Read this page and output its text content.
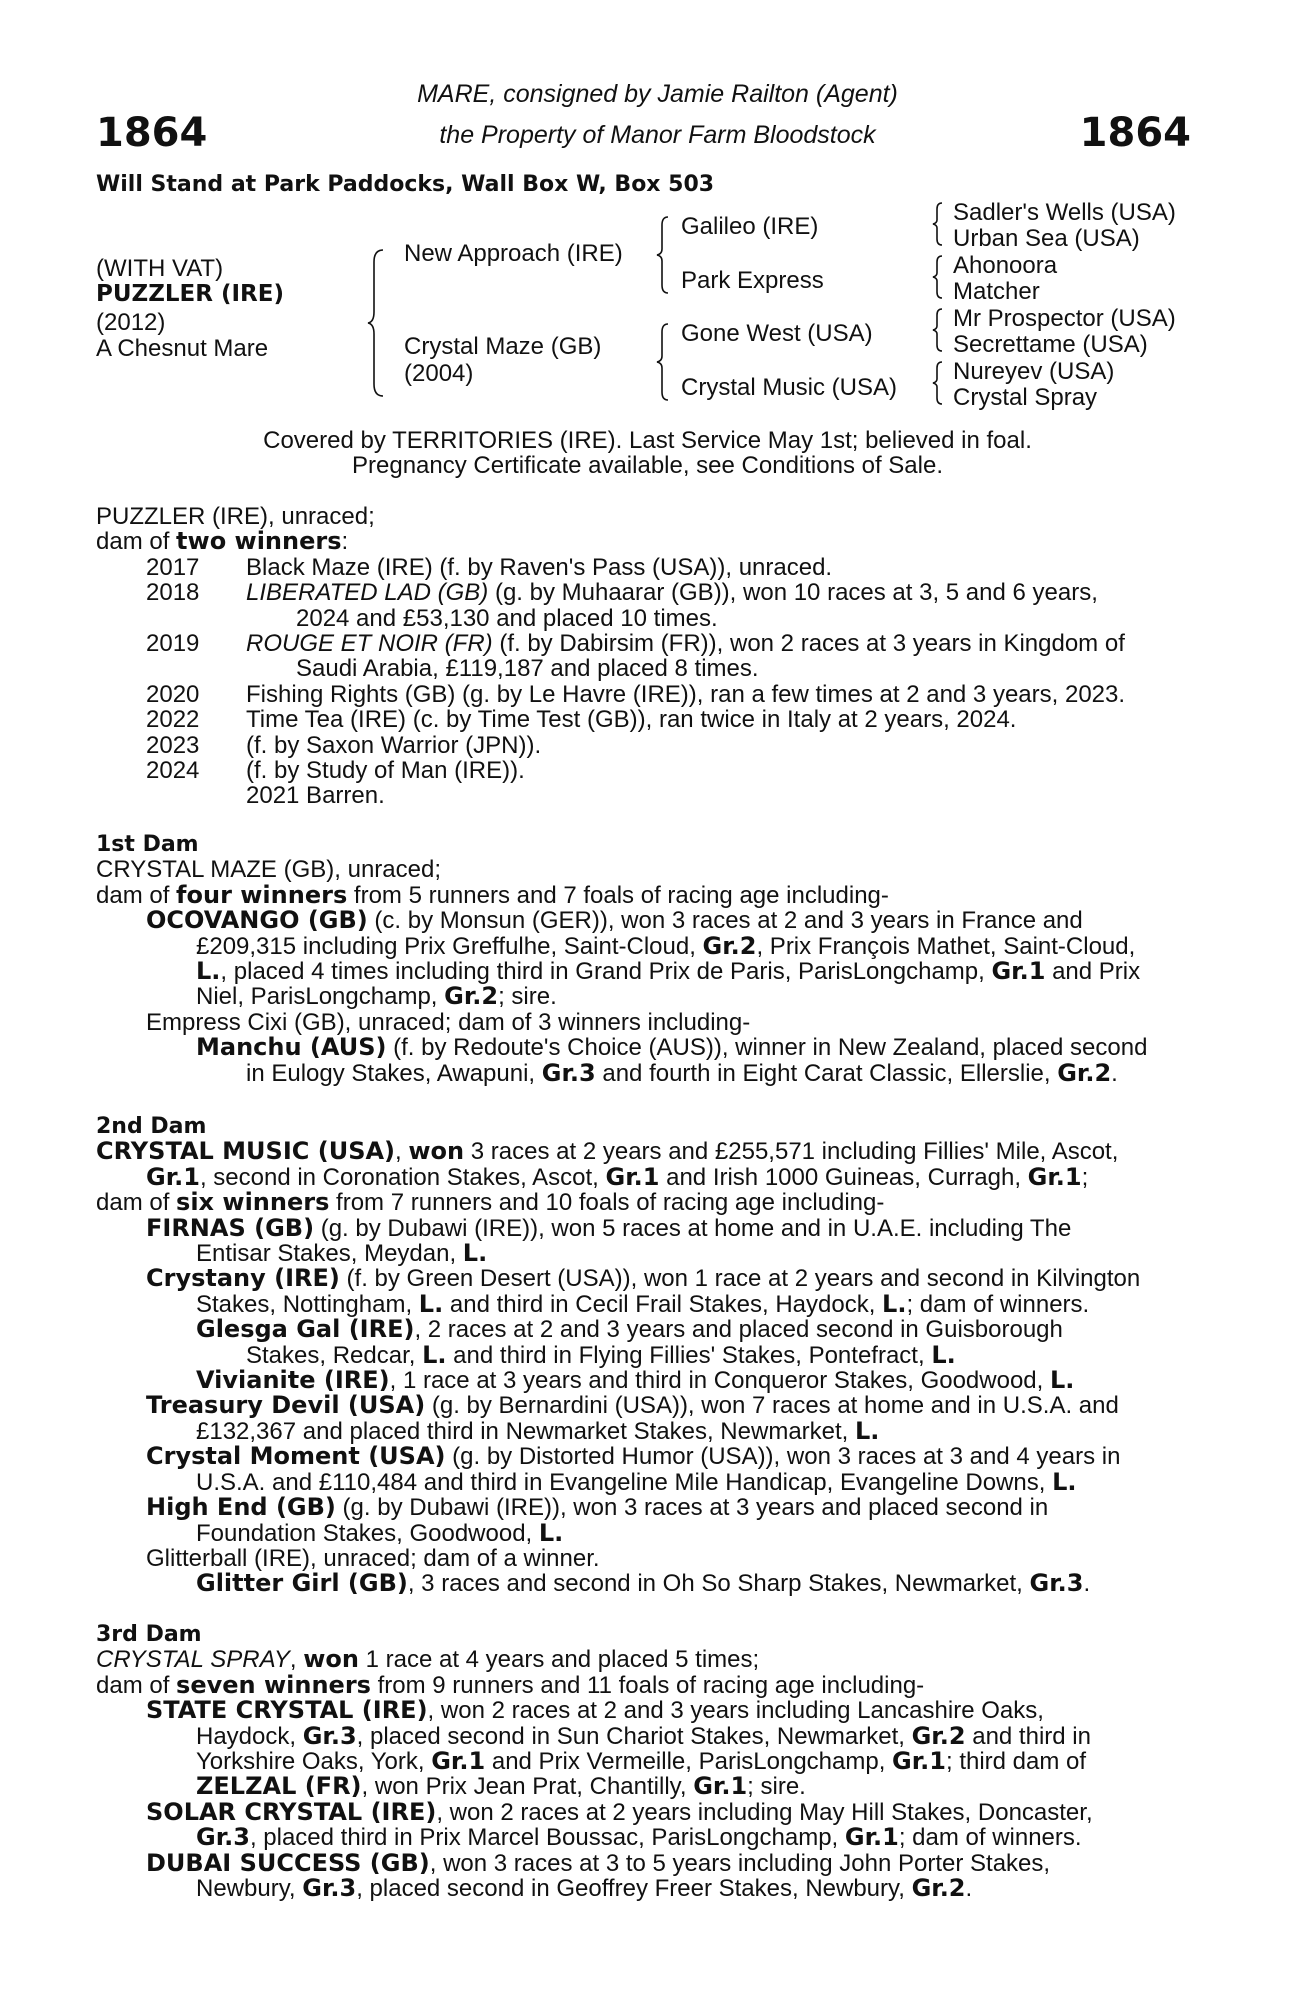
1864	1864
MARE, consigned by Jamie Railton (Agent)
the Property of Manor Farm Bloodstock
Will Stand at Park Paddocks, Wall Box W, Box 503
(WITH VAT)
PUZZLER (IRE)
(2012)
A Chesnut Mare
New Approach (IRE)
Crystal Maze (GB)
(2004)
Galileo (IRE)
Park Express
Gone West (USA)
Crystal Music (USA)
Sadler's Wells (USA)
Urban Sea (USA)
Ahonoora
Matcher
Mr Prospector (USA)
Secrettame (USA)
Nureyev (USA)
Crystal Spray
Covered by TERRITORIES (IRE). Last Service May 1st; believed in foal.
Pregnancy Certificate available, see Conditions of Sale.
PUZZLER (IRE), unraced;
dam of two winners:
2017 Black Maze (IRE) (f. by Raven's Pass (USA)), unraced.
2018 LIBERATED LAD (GB) (g. by Muhaarar (GB)), won 10 races at 3, 5 and 6 years,
2024 and £53,130 and placed 10 times.
2019 ROUGE ET NOIR (FR) (f. by Dabirsim (FR)), won 2 races at 3 years in Kingdom of
Saudi Arabia, £119,187 and placed 8 times.
2020 Fishing Rights (GB) (g. by Le Havre (IRE)), ran a few times at 2 and 3 years, 2023.
2022 Time Tea (IRE) (c. by Time Test (GB)), ran twice in Italy at 2 years, 2024.
2023 (f. by Saxon Warrior (JPN)).
2024 (f. by Study of Man (IRE)).
2021 Barren.
1st Dam
CRYSTAL MAZE (GB), unraced;
dam of four winners from 5 runners and 7 foals of racing age including-
OCOVANGO (GB) (c. by Monsun (GER)), won 3 races at 2 and 3 years in France and
£209,315 including Prix Greffulhe, Saint-Cloud, Gr.2, Prix François Mathet, Saint-Cloud,
L., placed 4 times including third in Grand Prix de Paris, ParisLongchamp, Gr.1 and Prix
Niel, ParisLongchamp, Gr.2; sire.
Empress Cixi (GB), unraced; dam of 3 winners including-
Manchu (AUS) (f. by Redoute's Choice (AUS)), winner in New Zealand, placed second
in Eulogy Stakes, Awapuni, Gr.3 and fourth in Eight Carat Classic, Ellerslie, Gr.2.
2nd Dam
CRYSTAL MUSIC (USA), won 3 races at 2 years and £255,571 including Fillies' Mile, Ascot,
Gr.1, second in Coronation Stakes, Ascot, Gr.1 and Irish 1000 Guineas, Curragh, Gr.1;
dam of six winners from 7 runners and 10 foals of racing age including-
FIRNAS (GB) (g. by Dubawi (IRE)), won 5 races at home and in U.A.E. including The
Entisar Stakes, Meydan, L.
Crystany (IRE) (f. by Green Desert (USA)), won 1 race at 2 years and second in Kilvington
Stakes, Nottingham, L. and third in Cecil Frail Stakes, Haydock, L.; dam of winners.
Glesga Gal (IRE), 2 races at 2 and 3 years and placed second in Guisborough
Stakes, Redcar, L. and third in Flying Fillies' Stakes, Pontefract, L.
Vivianite (IRE), 1 race at 3 years and third in Conqueror Stakes, Goodwood, L.
Treasury Devil (USA) (g. by Bernardini (USA)), won 7 races at home and in U.S.A. and
£132,367 and placed third in Newmarket Stakes, Newmarket, L.
Crystal Moment (USA) (g. by Distorted Humor (USA)), won 3 races at 3 and 4 years in
U.S.A. and £110,484 and third in Evangeline Mile Handicap, Evangeline Downs, L.
High End (GB) (g. by Dubawi (IRE)), won 3 races at 3 years and placed second in
Foundation Stakes, Goodwood, L.
Glitterball (IRE), unraced; dam of a winner.
Glitter Girl (GB), 3 races and second in Oh So Sharp Stakes, Newmarket, Gr.3.
3rd Dam
CRYSTAL SPRAY, won 1 race at 4 years and placed 5 times;
dam of seven winners from 9 runners and 11 foals of racing age including-
STATE CRYSTAL (IRE), won 2 races at 2 and 3 years including Lancashire Oaks,
Haydock, Gr.3, placed second in Sun Chariot Stakes, Newmarket, Gr.2 and third in
Yorkshire Oaks, York, Gr.1 and Prix Vermeille, ParisLongchamp, Gr.1; third dam of
ZELZAL (FR), won Prix Jean Prat, Chantilly, Gr.1; sire.
SOLAR CRYSTAL (IRE), won 2 races at 2 years including May Hill Stakes, Doncaster,
Gr.3, placed third in Prix Marcel Boussac, ParisLongchamp, Gr.1; dam of winners.
DUBAI SUCCESS (GB), won 3 races at 3 to 5 years including John Porter Stakes,
Newbury, Gr.3, placed second in Geoffrey Freer Stakes, Newbury, Gr.2.
